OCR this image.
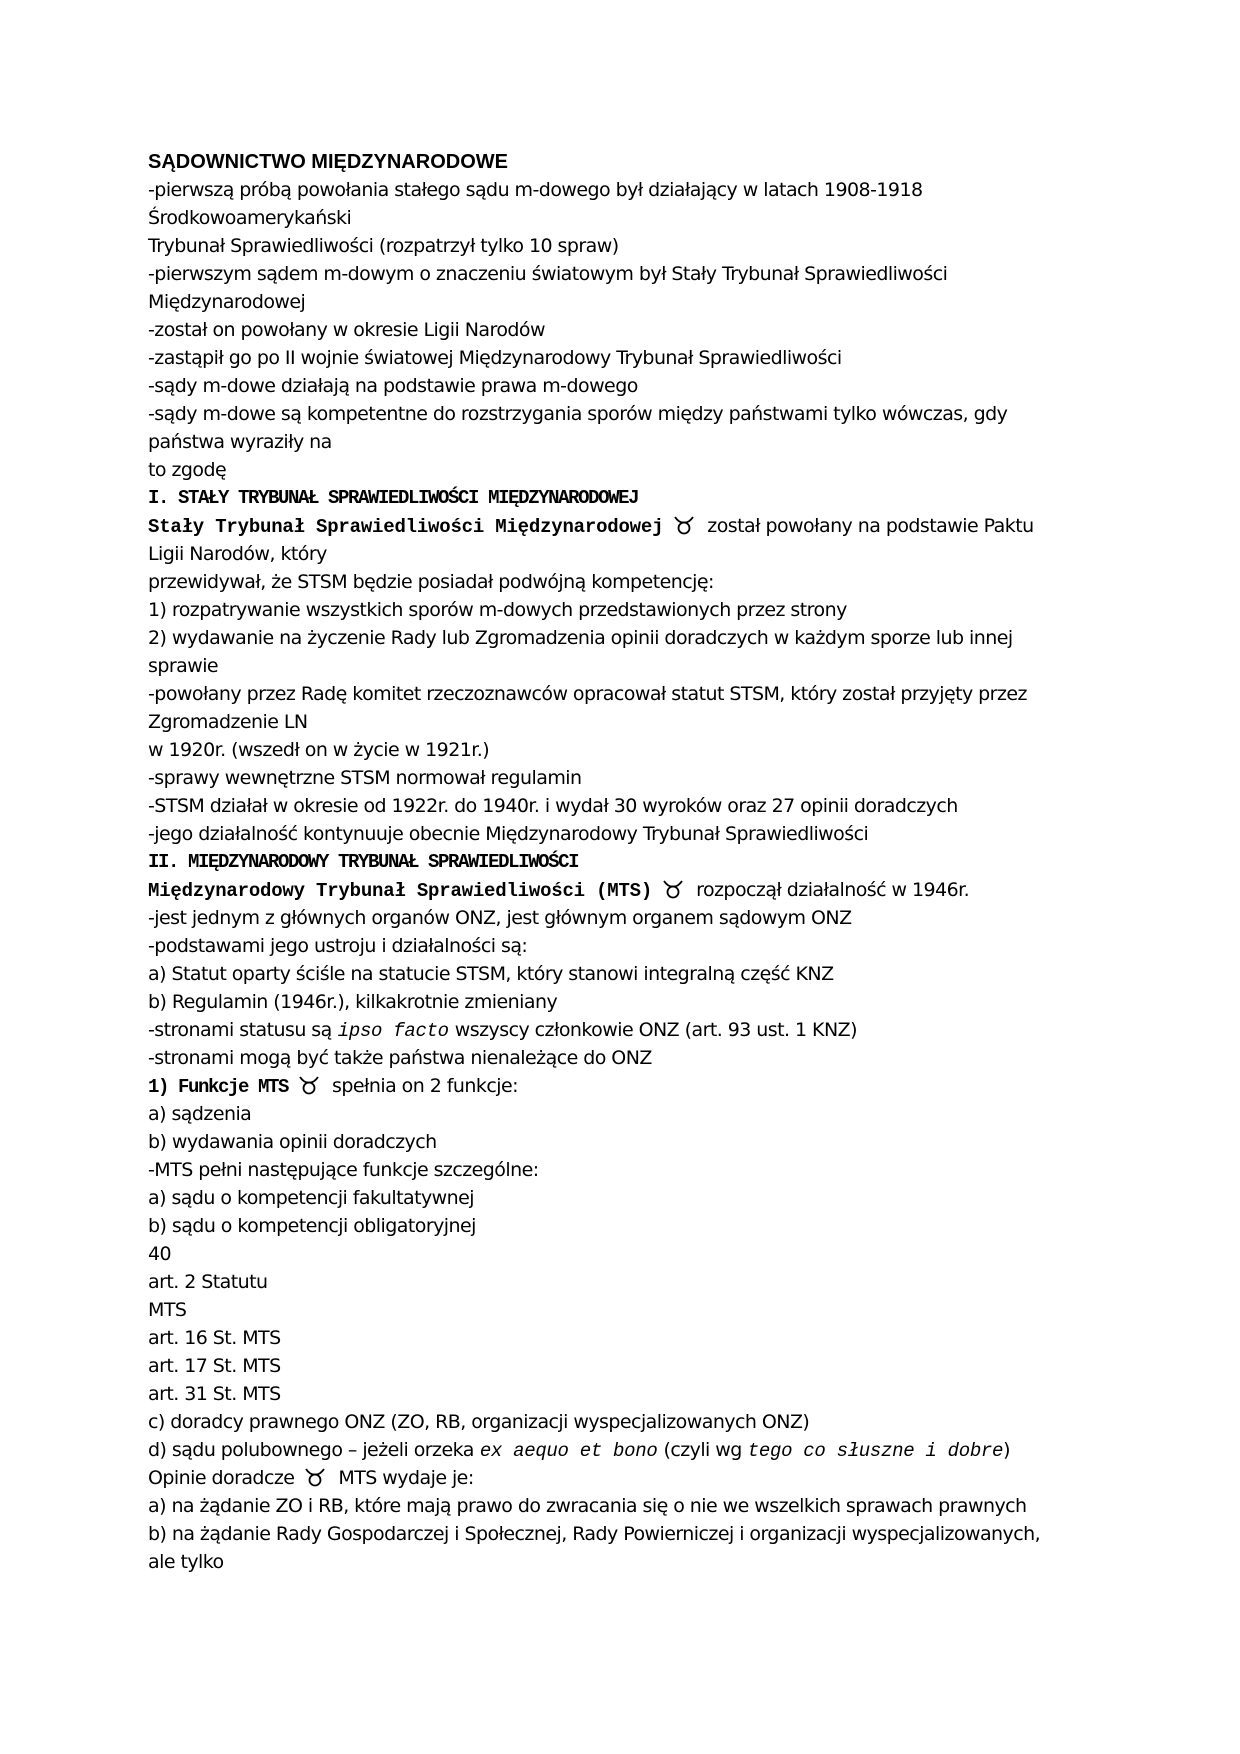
SĄDOWNICTWO MIĘDZYNARODOWE
-pierwszą próbą powołania stałego sądu m-dowego był działający w latach 1908-1918
Środkowoamerykański
Trybunał Sprawiedliwości (rozpatrzył tylko 10 spraw)
-pierwszym sądem m-dowym o znaczeniu światowym był Stały Trybunał Sprawiedliwości
Międzynarodowej
-został on powołany w okresie Ligii Narodów
-zastąpił go po II wojnie światowej Międzynarodowy Trybunał Sprawiedliwości
-sądy m-dowe działają na podstawie prawa m-dowego
-sądy m-dowe są kompetentne do rozstrzygania sporów między państwami tylko wówczas, gdy
państwa wyraziły na
to zgodę
I. STAŁY TRYBUNAŁ SPRAWIEDLIWOŚCI MIĘDZYNARODOWEJ
Stały Trybunał Sprawiedliwości Międzynarodowej został powołany na podstawie Paktu
Ligii Narodów, który
przewidywał, że STSM będzie posiadał podwójną kompetencję:
1) rozpatrywanie wszystkich sporów m-dowych przedstawionych przez strony
2) wydawanie na życzenie Rady lub Zgromadzenia opinii doradczych w każdym sporze lub innej
sprawie
-powołany przez Radę komitet rzeczoznawców opracował statut STSM, który został przyjęty przez
Zgromadzenie LN
w 1920r. (wszedł on w życie w 1921r.)
-sprawy wewnętrzne STSM normował regulamin
-STSM działał w okresie od 1922r. do 1940r. i wydał 30 wyroków oraz 27 opinii doradczych
-jego działalność kontynuuje obecnie Międzynarodowy Trybunał Sprawiedliwości
II. MIĘDZYNARODOWY TRYBUNAŁ SPRAWIEDLIWOŚCI
Międzynarodowy Trybunał Sprawiedliwości (MTS) rozpoczął działalność w 1946r.
-jest jednym z głównych organów ONZ, jest głównym organem sądowym ONZ
-podstawami jego ustroju i działalności są:
a) Statut oparty ściśle na statucie STSM, który stanowi integralną część KNZ
b) Regulamin (1946r.), kilkakrotnie zmieniany
-stronami statusu są ipso facto wszyscy członkowie ONZ (art. 93 ust. 1 KNZ)
-stronami mogą być także państwa nienależące do ONZ
1) Funkcje MTS spełnia on 2 funkcje:
a) sądzenia
b) wydawania opinii doradczych
-MTS pełni następujące funkcje szczególne:
a) sądu o kompetencji fakultatywnej
b) sądu o kompetencji obligatoryjnej
40
art. 2 Statutu
MTS
art. 16 St. MTS
art. 17 St. MTS
art. 31 St. MTS
c) doradcy prawnego ONZ (ZO, RB, organizacji wyspecjalizowanych ONZ)
d) sądu polubownego – jeżeli orzeka ex aequo et bono (czyli wg tego co słuszne i dobre)
Opinie doradcze MTS wydaje je:
a) na żądanie ZO i RB, które mają prawo do zwracania się o nie we wszelkich sprawach prawnych
b) na żądanie Rady Gospodarczej i Społecznej, Rady Powierniczej i organizacji wyspecjalizowanych,
ale tylko
